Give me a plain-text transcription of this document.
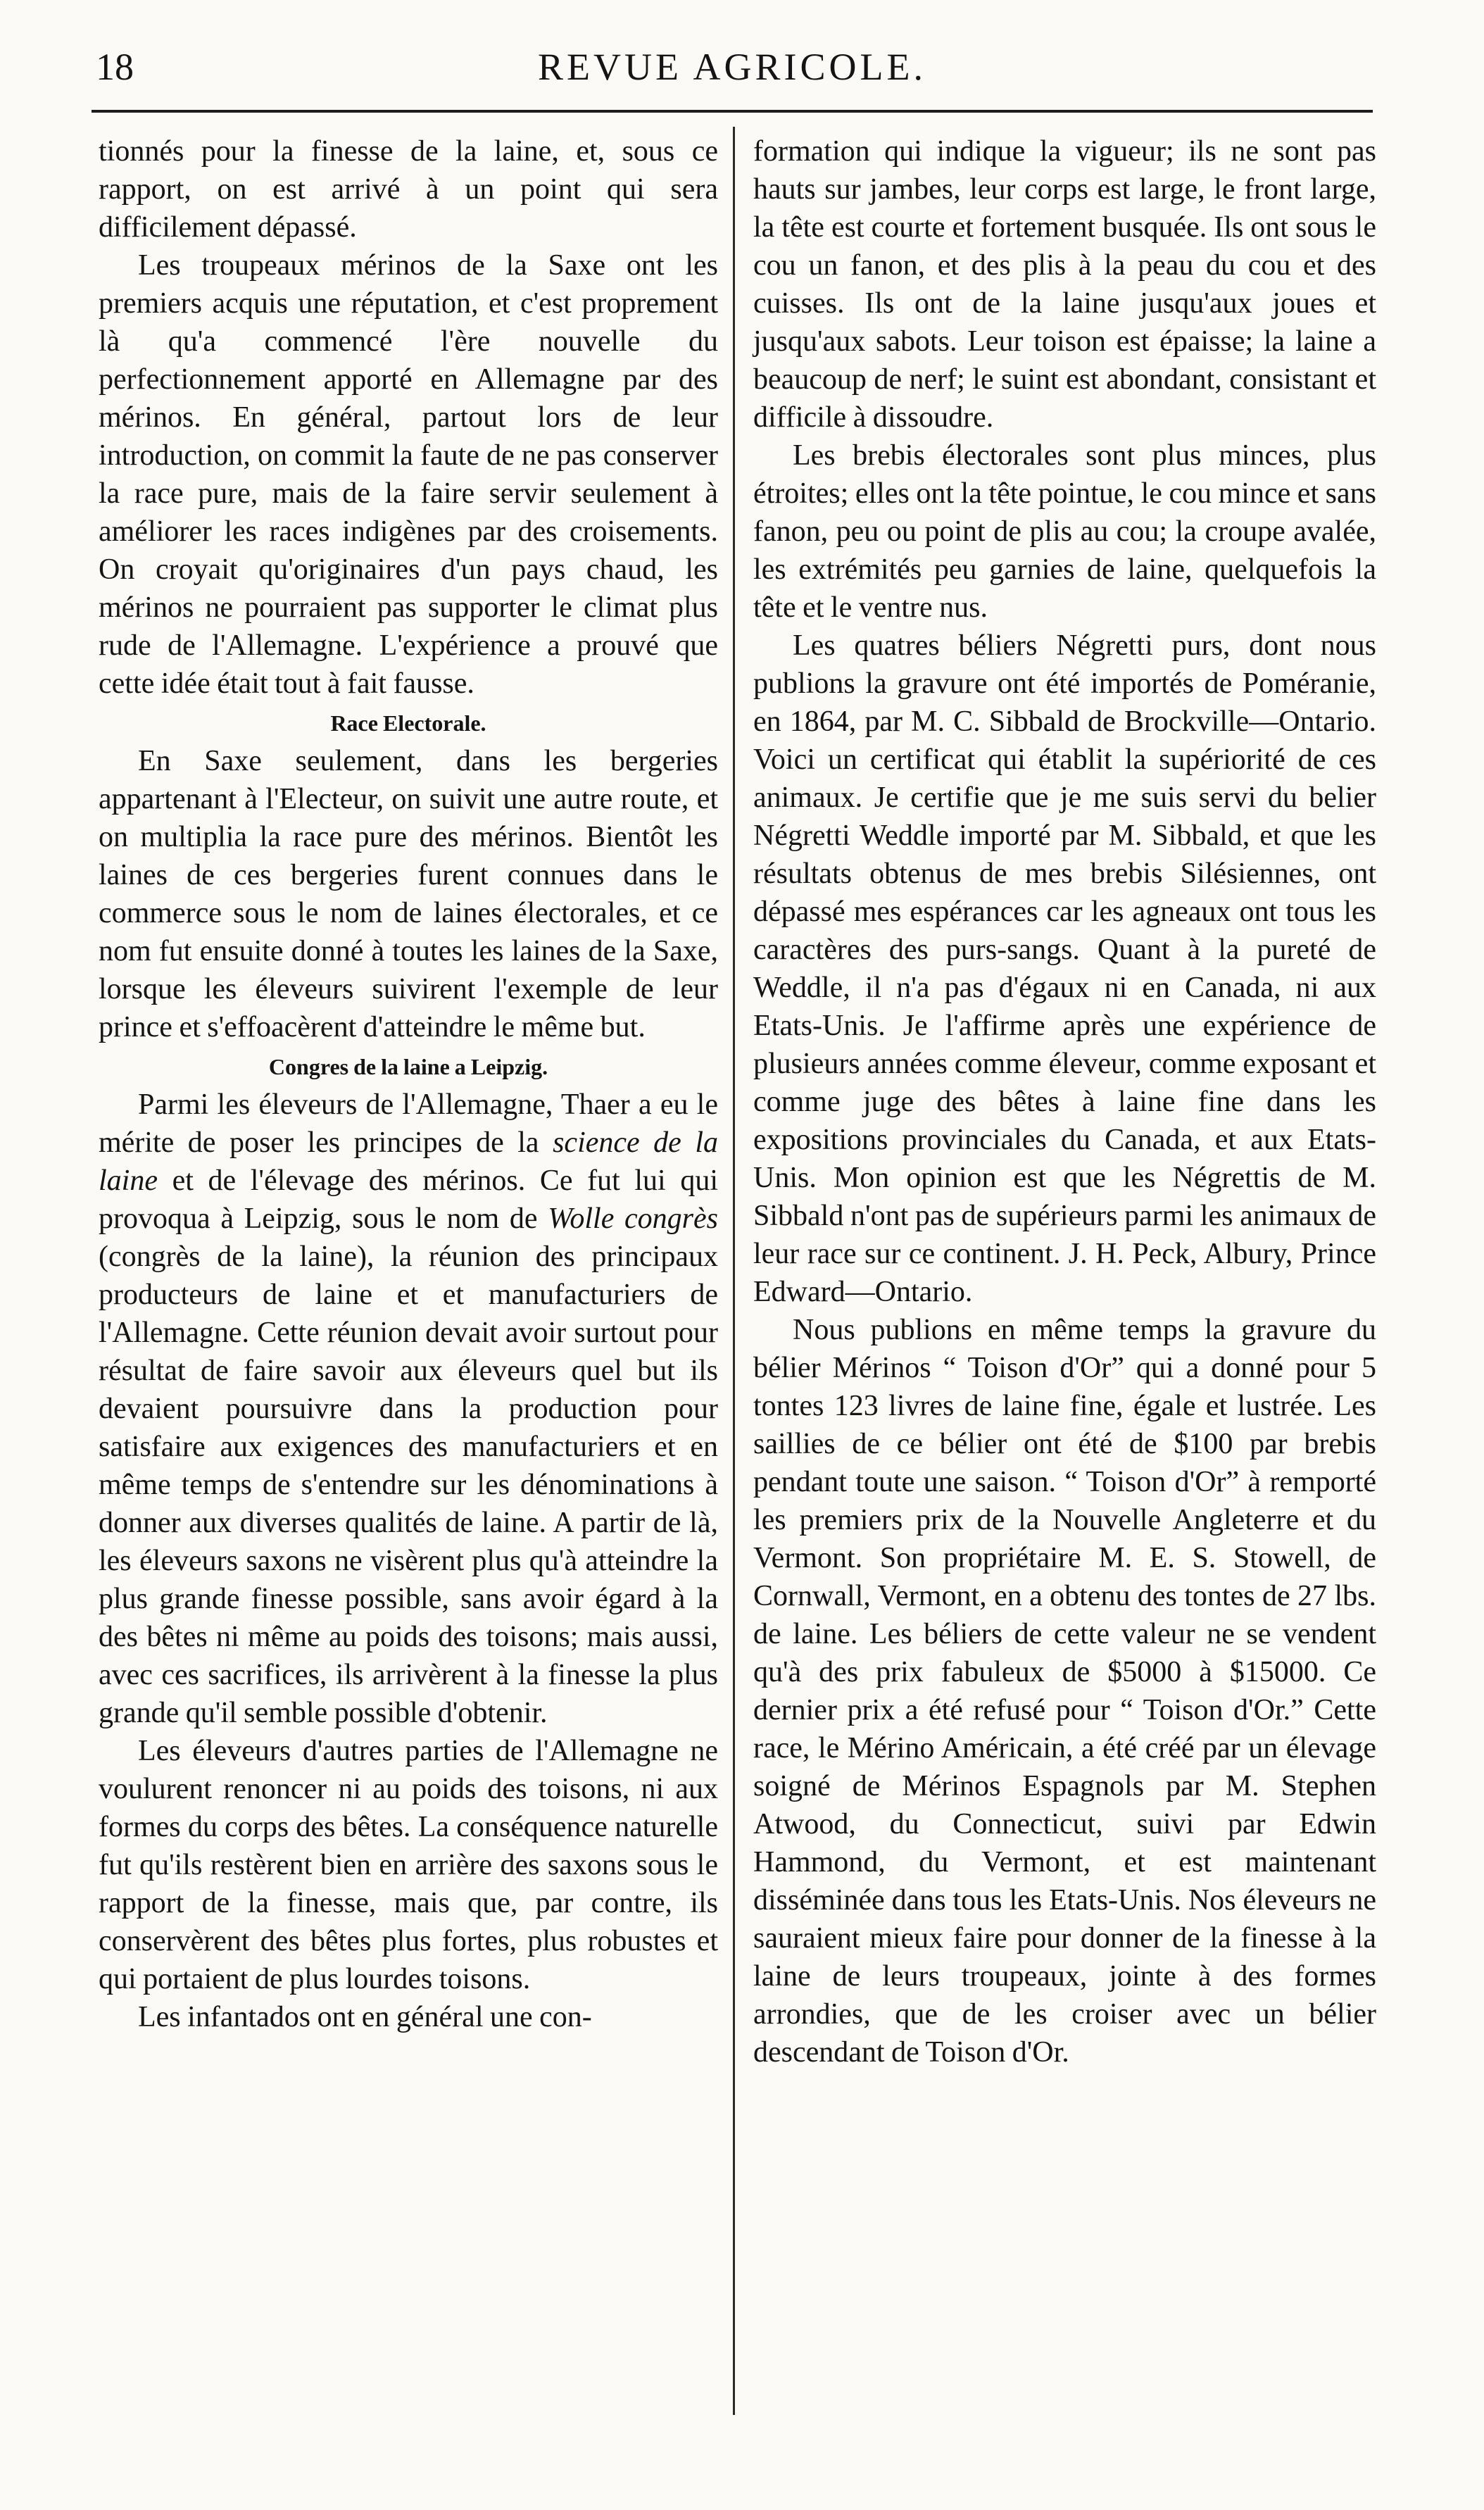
18	REVUE AGRICOLE.

tionnés pour la finesse de la laine, et, sous ce rapport, on est arrivé à un point qui sera difficilement dépassé.

Les troupeaux mérinos de la Saxe ont les premiers acquis une réputation, et c'est proprement là qu'a commencé l'ère nouvelle du perfectionnement apporté en Allemagne par des mérinos. En général, partout lors de leur introduction, on commit la faute de ne pas conserver la race pure, mais de la faire servir seulement à améliorer les races indigènes par des croisements. On croyait qu'originaires d'un pays chaud, les mérinos ne pourraient pas supporter le climat plus rude de l'Allemagne. L'expérience a prouvé que cette idée était tout à fait fausse.

Race Electorale.

En Saxe seulement, dans les bergeries appartenant à l'Electeur, on suivit une autre route, et on multiplia la race pure des mérinos. Bientôt les laines de ces bergeries furent connues dans le commerce sous le nom de laines électorales, et ce nom fut ensuite donné à toutes les laines de la Saxe, lorsque les éleveurs suivirent l'exemple de leur prince et s'effoacèrent d'atteindre le même but.

Congres de la laine a Leipzig.

Parmi les éleveurs de l'Allemagne, Thaer a eu le mérite de poser les principes de la science de la laine et de l'élevage des mérinos. Ce fut lui qui provoqua à Leipzig, sous le nom de Wolle congrès (congrès de la laine), la réunion des principaux producteurs de laine et et manufacturiers de l'Allemagne. Cette réunion devait avoir surtout pour résultat de faire savoir aux éleveurs quel but ils devaient poursuivre dans la production pour satisfaire aux exigences des manufacturiers et en même temps de s'entendre sur les dénominations à donner aux diverses qualités de laine. A partir de là, les éleveurs saxons ne visèrent plus qu'à atteindre la plus grande finesse possible, sans avoir égard à la des bêtes ni même au poids des toisons; mais aussi, avec ces sacrifices, ils arrivèrent à la finesse la plus grande qu'il semble possible d'obtenir.

Les éleveurs d'autres parties de l'Allemagne ne voulurent renoncer ni au poids des toisons, ni aux formes du corps des bêtes. La conséquence naturelle fut qu'ils restèrent bien en arrière des saxons sous le rapport de la finesse, mais que, par contre, ils conservèrent des bêtes plus fortes, plus robustes et qui portaient de plus lourdes toisons.

Les infantados ont en général une con-

formation qui indique la vigueur; ils ne sont pas hauts sur jambes, leur corps est large, le front large, la tête est courte et fortement busquée. Ils ont sous le cou un fanon, et des plis à la peau du cou et des cuisses. Ils ont de la laine jusqu'aux joues et jusqu'aux sabots. Leur toison est épaisse; la laine a beaucoup de nerf; le suint est abondant, consistant et difficile à dissoudre.

Les brebis électorales sont plus minces, plus étroites; elles ont la tête pointue, le cou mince et sans fanon, peu ou point de plis au cou; la croupe avalée, les extrémités peu garnies de laine, quelquefois la tête et le ventre nus.

Les quatres béliers Négretti purs, dont nous publions la gravure ont été importés de Poméranie, en 1864, par M. C. Sibbald de Brockville—Ontario. Voici un certificat qui établit la supériorité de ces animaux. Je certifie que je me suis servi du belier Négretti Weddle importé par M. Sibbald, et que les résultats obtenus de mes brebis Silésiennes, ont dépassé mes espérances car les agneaux ont tous les caractères des purs-sangs. Quant à la pureté de Weddle, il n'a pas d'égaux ni en Canada, ni aux Etats-Unis. Je l'affirme après une expérience de plusieurs années comme éleveur, comme exposant et comme juge des bêtes à laine fine dans les expositions provinciales du Canada, et aux Etats-Unis. Mon opinion est que les Négrettis de M. Sibbald n'ont pas de supérieurs parmi les animaux de leur race sur ce continent. J. H. Peck, Albury, Prince Edward—Ontario.

Nous publions en même temps la gravure du bélier Mérinos “ Toison d'Or” qui a donné pour 5 tontes 123 livres de laine fine, égale et lustrée. Les saillies de ce bélier ont été de $100 par brebis pendant toute une saison. “ Toison d'Or” à remporté les premiers prix de la Nouvelle Angleterre et du Vermont. Son propriétaire M. E. S. Stowell, de Cornwall, Vermont, en a obtenu des tontes de 27 lbs. de laine. Les béliers de cette valeur ne se vendent qu'à des prix fabuleux de $5000 à $15000. Ce dernier prix a été refusé pour “ Toison d'Or.” Cette race, le Mérino Américain, a été créé par un élevage soigné de Mérinos Espagnols par M. Stephen Atwood, du Connecticut, suivi par Edwin Hammond, du Vermont, et est maintenant disséminée dans tous les Etats-Unis. Nos éleveurs ne sauraient mieux faire pour donner de la finesse à la laine de leurs troupeaux, jointe à des formes arrondies, que de les croiser avec un bélier descendant de Toison d'Or.
